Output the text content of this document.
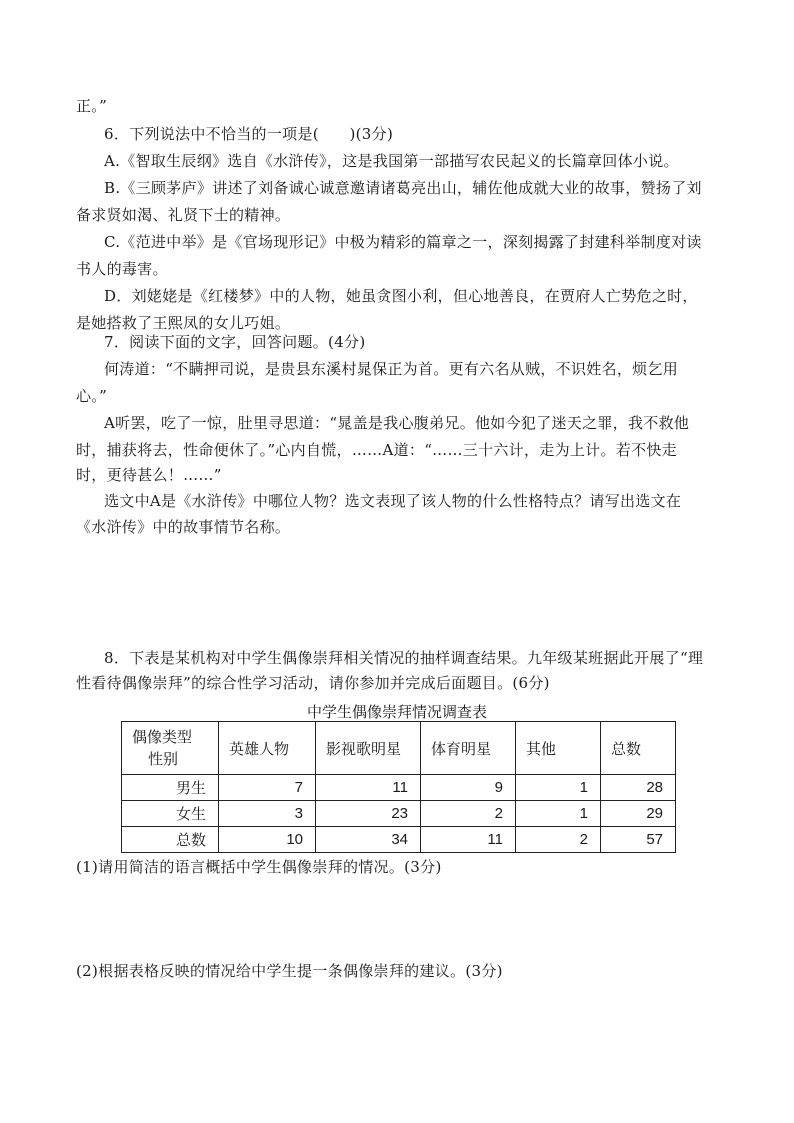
正。”
6．下列说法中不恰当的一项是(　　)(3分)
A.《智取生辰纲》选自《水浒传》，这是我国第一部描写农民起义的长篇章回体小说。
B.《三顾茅庐》讲述了刘备诚心诚意邀请诸葛亮出山，辅佐他成就大业的故事，赞扬了刘
备求贤如渴、礼贤下士的精神。
C.《范进中举》是《官场现形记》中极为精彩的篇章之一，深刻揭露了封建科举制度对读
书人的毒害。
D．刘姥姥是《红楼梦》中的人物，她虽贪图小利，但心地善良，在贾府人亡势危之时，
是她搭救了王熙凤的女儿巧姐。
7．阅读下面的文字，回答问题。(4分)
何涛道：“不瞒押司说，是贵县东溪村晁保正为首。更有六名从贼，不识姓名，烦乞用
心。”
A听罢，吃了一惊，肚里寻思道：“晁盖是我心腹弟兄。他如今犯了迷天之罪，我不救他
时，捕获将去，性命便休了。”心内自慌，……A道：“……三十六计，走为上计。若不快走
时，更待甚么！……”
选文中A是《水浒传》中哪位人物？选文表现了该人物的什么性格特点？请写出选文在
《水浒传》中的故事情节名称。
8．下表是某机构对中学生偶像崇拜相关情况的抽样调查结果。九年级某班据此开展了“理
性看待偶像崇拜”的综合性学习活动，请你参加并完成后面题目。(6分)
中学生偶像崇拜情况调查表
偶像类型
性别	英雄人物	影视歌明星	体育明星	其他	总数
男生	7	11	9	1	28
女生	3	23	2	1	29
总数	10	34	11	2	57
(1)请用简洁的语言概括中学生偶像崇拜的情况。(3分)
(2)根据表格反映的情况给中学生提一条偶像崇拜的建议。(3分)
